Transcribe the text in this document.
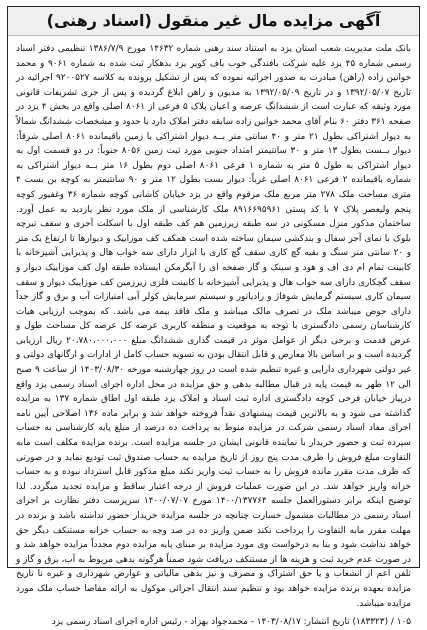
آگهی مزایده مال غیر منقول (اسناد رهنی)
بانک ملت مدیریت شعب استان یزد به استناد سند رهنی شماره ۱۴۶۳۲ مورخ ۱۳۸۶/۷/۹ تنظیمی دفتر اسناد رسمی شماره ۴۵ یزد علیه شرکت بافندگی خوب باف کویر یزد بدهکار ثبت شده به شماره ۹۰۶۱ و محمد خوانین زاده (راهن) مبادرت به صدور اجرائیه نموده که پس از تشکیل پرونده به کلاسه ۹۲۰۰۵۲۷ اجرائیه در تاریخ ۱۳۹۲/۰۵/۰۷ و در تاریخ ۱۳۹۲/۰۵/۰۹ به مدیون و راهن ابلاغ گردیده و پس از جری تشریفات قانونی مورد وثیقه که عبارت است از ششدانگ عرصه و اعیان پلاک ۵ فرعی از ۸۰۶۱ اصلی واقع در بخش ۴ یزد در صفحه ۳۶۱ دفتر ۶۰ بنام آقای محمد خوانین زاده سابقه دفتر املاک دارد با حدود و مشخصات ششدانگ شمالاً به دیوار اشتراکی بطول ۲۱ متر و ۴۰ سانتی متر بــه دیوار اشتراکی با زمین باقیمانده ۸۰۶۱ اصلی شرقاً: دیوار بــست بطول ۱۳ متر و ۳۰ سانتیمتر امتداد جنوبی مورد ثبت زمین ۸۰۵۶ جنوباً: در دو قسمت اول به دیوار اشتراکی به طول ۵ متر به شماره ۱ فرعی ۸۰۶۱ اصلی دوم بطول ۱۶ متر بــه دیوار اشتراکی به شماره باقیمانده ۲ فرعی ۸۰۶۱ اصلی غرباً: دیوار بست بطول ۱۲ متر و ۹۰ سانتیمتر به کوچه بن بست ۴ متری مساحت ملک ۲۷۸ متر مربع ملک مرقوم واقع در یزد خیابان کاشانی کوچه شماره ۳۶ وغفیور کوچه پنجم ولیعصر پلاک ۷ با کد پستی ۸۹۱۶۶۹۵۹۶۱ ملک کارشناسی از ملک مورد نظر بازدید به عمل آورد. ساختمان مذکور منزل مسکونی در سه طبقه زیرزمین هم کف طبقه اول با اسکلت آجری و سقف تیرچه بلوک با نمای آجر سفال و بندکشی سیمان ساخته شده است همکف کف موزاییک و دیوارها تا ارتفاع یک متر و ۲۰ سانتی متر سنگ و بقیه گچ کاری سقف گچ کاری با ابزار دارای سه خواب هال و پذیرایی آشپزخانه با کابینت تمام ام دی اف و هود و سینک و گاز صفحه ای را آبگرمکن ایستاده طبقه اول کف موزاییک دیوار و سقف گچکاری دارای سه خواب هال و پذیرایی آشپزخانه با کابینت فلزی زیرزمین کف موزاییک دیوار و سقف سیمان کاری سیستم گرمایش شوفاژ و رادیاتور و سیستم سرمایش کولر آبی امتیازات آب و برق و گاز جداً دارای حوض میباشد ملک در تصرف مالک میباشد و ملک فاقد بیمه می باشد. که بموجب ارزیابی هیات کارشناسان رسمی دادگستری با توجه به موقعیت و منطقه کاربری عرصه کل عرصه کل مساحت طول و عرض قدمت و برخی دیگر از عوامل موثر در قیمت گذاری ششدانگ مبلغ ۲۰،۷۸۰،۰۰۰،۰۰۰ ریال ارزیابی گردیده است و بر اساس بالا معارض و قابل انتقال بودن به تسویه حساب کامل از ادارات و ارگانهای دولتی و غیر دولتی شهرداری دارایی و غیره تنظیم شده است در روز چهارشنبه مورخه ۱۴۰۳/۰۸/۳۰ از ساعت ۹ صبح الی ۱۲ ظهر به قیمت پایه در قبال مطالبه بدهی و حق مزایده در محل اداره اجرای اسناد رسمی یزد واقع درپیاز خیابان فرخی کوچه دادگستری اداره ثبت اسناد و املاک یزد طبقه اول اطاق شماره ۱۳۷ به مزایده گذاشته می شود و به بالاترین قیمت پیشنهادی نقداً فروخته خواهد شد و برابر ماده ۱۳۶ اصلاحی آیین نامه اجرای مفاد اسناد رسمی شرکت در مزایده منوط به پرداخت ده درصد از مبلغ پایه کارشناسی به حساب سپرده ثبت و حضور خریدار با نماینده قانونی ایشان در جلسه مزایده است. برنده مزایده مکلف است مابه التفاوت مبلغ فروش را ظرف مدت پنج روز از تاریخ مزایده به حساب صندوق ثبت تودیع نماید و در صورتی که ظرف مدت مقرر مانده فروش را به حساب ثبت واریز نکند مبلغ مذکور قابل استرداد نبوده و به حساب خزانه واریز خواهد شد. در این صورت عملیات فروش از درجه اعتبار ساقط و مزایده تجدید میگردد. لذا توضیح اینکه برابر دستورالعمل جلسه ۱۴۰۰/۱۳۷۷۶۴ مورخ ۱۴۰۰/۰۷/۰۷ سرپرست دفتر نظارت بر اجرای اسناد رسمی در مطالبات مشمول خسارت چنانچه در جلسه مزایده خریدار حضور نداشته باشد و برنده در مهلت مقرر مابه التفاوت را پرداخت نکند ضمن واریز ده در صد وجه به حساب خزانه مستنکف دیگر حق خواهد نداشت شود و بنا به درخواست وی مورد مزایده بر مبنای پایه مزایده دوم مجدداً مزایده خواهد شد و در صورت عدم خرید ثبت و هزینه ها از مستنکف دریافت شود ضمناً هرگونه بدهی مربوط به آب، برق و گاز و تلفن اعم از انشعاب و یا حق اشتراک و مصرف و نیز بدهی مالیاتی و عوارض شهرداری و غیره تا تاریخ مزایده بعهده برنده مزایده خواهد بود و تنظیم سند انتقال اجرائی موکول به ارائه مفاصا حساب ملک مورد مزایده میباشد.
۱۰۵ / (۱۸۳۳۲۳) تاریخ انتشار: ۱۴۰۳/۰۸/۱۷ - محمدجواد بهزاد - رئیس اداره اجرای اسناد رسمی یزد
